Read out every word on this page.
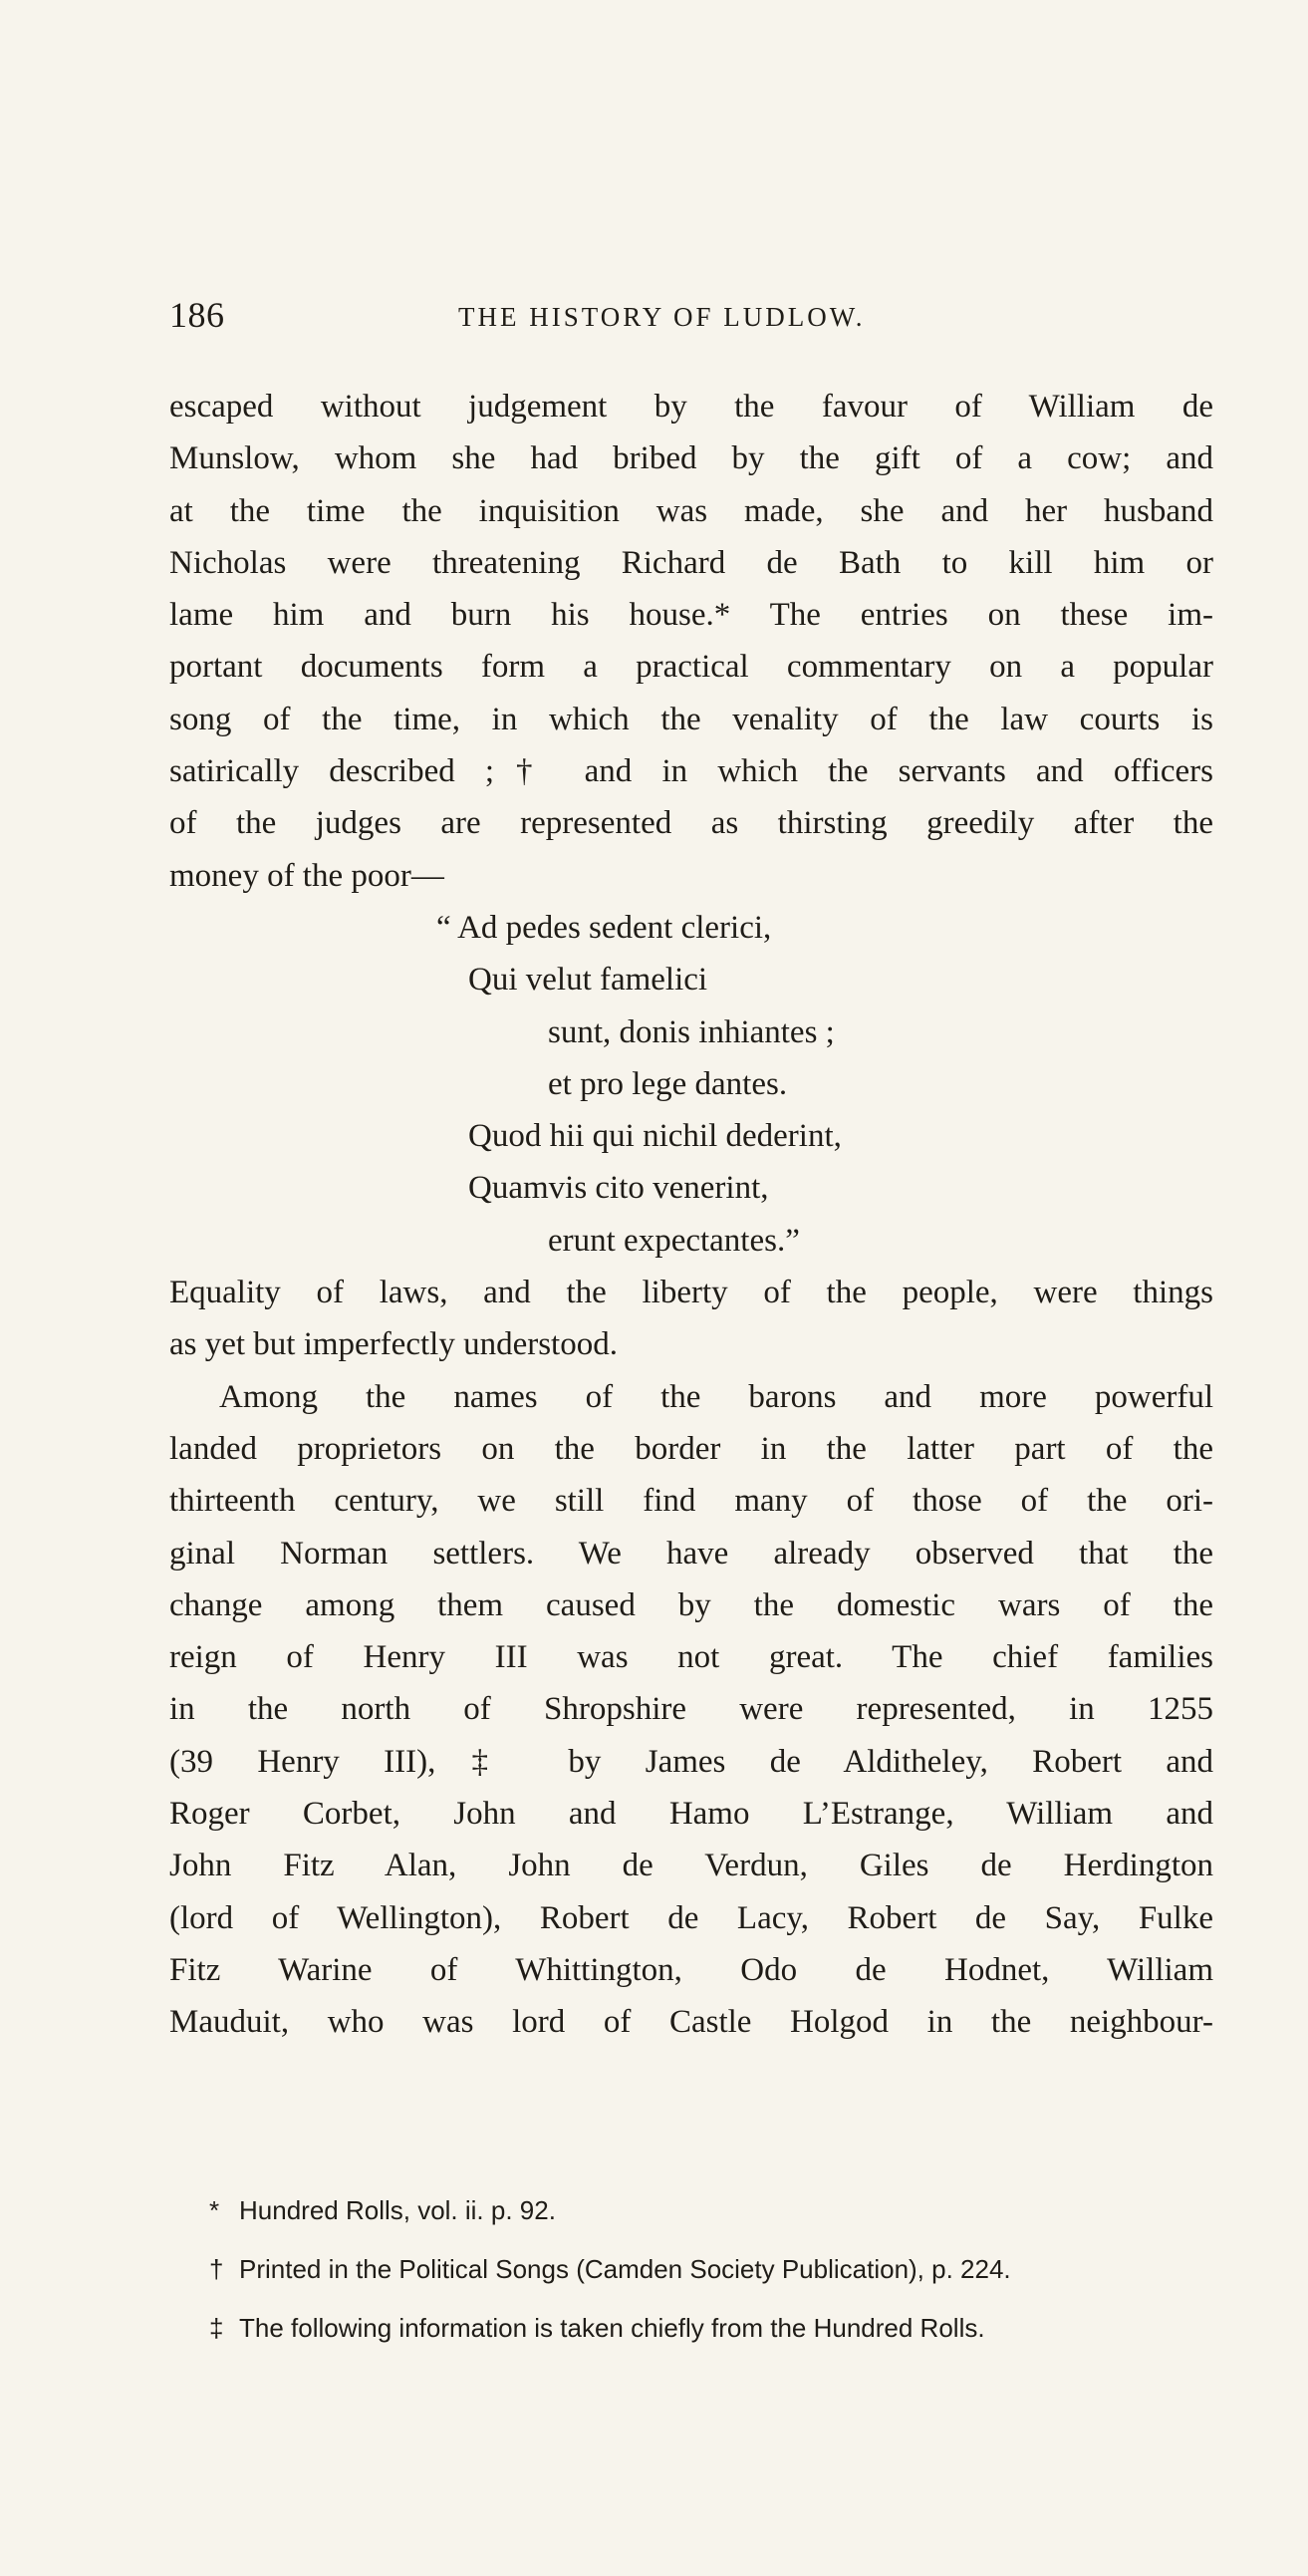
186	THE HISTORY OF LUDLOW.
escaped without judgement by the favour of William de
Munslow, whom she had bribed by the gift of a cow; and
at the time the inquisition was made, she and her husband
Nicholas were threatening Richard de Bath to kill him or
lame him and burn his house.* The entries on these im-
portant documents form a practical commentary on a popular
song of the time, in which the venality of the law courts is
satirically described ;† and in which the servants and officers
of the judges are represented as thirsting greedily after the
money of the poor—
“ Ad pedes sedent clerici,
Qui velut famelici
sunt, donis inhiantes ;
et pro lege dantes.
Quod hii qui nichil dederint,
Quamvis cito venerint,
erunt expectantes.”
Equality of laws, and the liberty of the people, were things
as yet but imperfectly understood.
Among the names of the barons and more powerful
landed proprietors on the border in the latter part of the
thirteenth century, we still find many of those of the ori-
ginal Norman settlers. We have already observed that the
change among them caused by the domestic wars of the
reign of Henry III was not great. The chief families
in the north of Shropshire were represented, in 1255
(39 Henry III),‡ by James de Alditheley, Robert and
Roger Corbet, John and Hamo L’Estrange, William and
John Fitz Alan, John de Verdun, Giles de Herdington
(lord of Wellington), Robert de Lacy, Robert de Say, Fulke
Fitz Warine of Whittington, Odo de Hodnet, William
Mauduit, who was lord of Castle Holgod in the neighbour-
* Hundred Rolls, vol. ii. p. 92.
† Printed in the Political Songs (Camden Society Publication), p. 224.
‡ The following information is taken chiefly from the Hundred Rolls.
